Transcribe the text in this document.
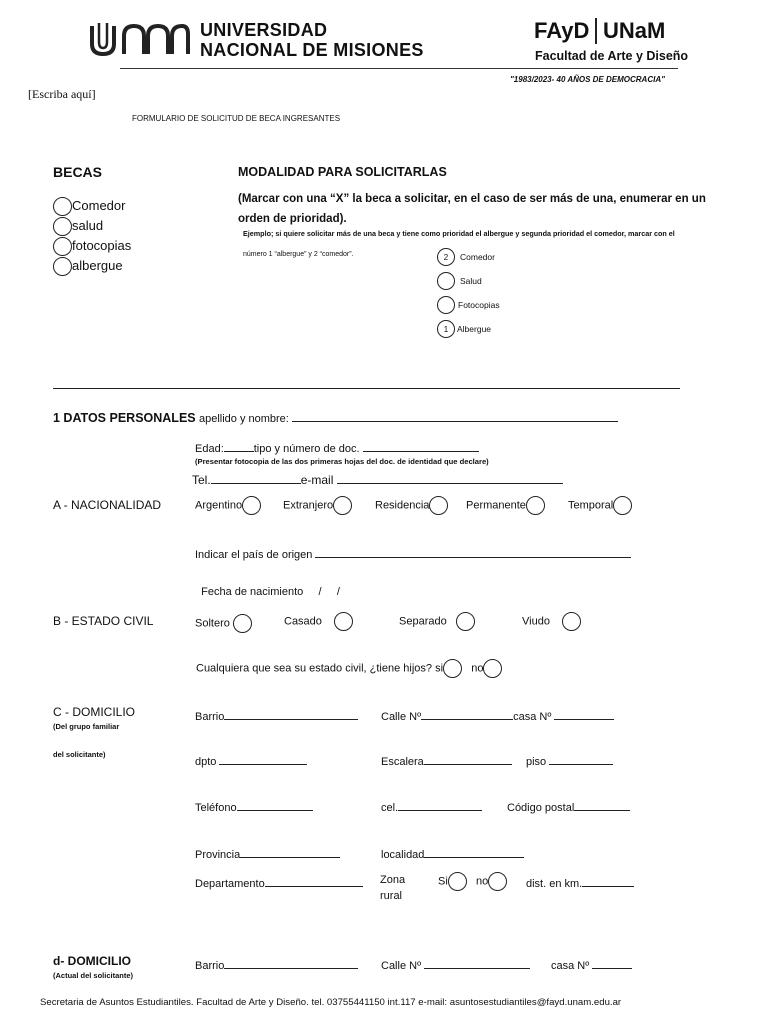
UNIVERSIDAD
NACIONAL DE MISIONES
FAyD UNaM
Facultad de Arte y Diseño
"1983/2023- 40 AÑOS DE DEMOCRACIA"
[Escriba aquí]
FORMULARIO DE SOLICITUD DE BECA INGRESANTES
BECAS
Comedor
salud
fotocopias
albergue
MODALIDAD PARA SOLICITARLAS
(Marcar con una “X” la beca a solicitar, en el caso de ser más de una, enumerar en un
orden de prioridad).
Ejemplo; si quiere solicitar más de una beca y tiene como prioridad el albergue y segunda prioridad el comedor, marcar con el
número 1 “albergue” y 2 “comedor”.	2	Comedor
Salud
Fotocopias
1	Albergue
1 DATOS PERSONALES apellido y nombre:
Edad:	tipo y número de doc.
(Presentar fotocopia de las dos primeras hojas del doc. de identidad que declare)
Tel.	e-mail
A - NACIONALIDAD	Argentino	Extranjero	Residencia	Permanente	Temporal
Indicar el país de origen

Fecha de nacimiento / /

B - ESTADO CIVIL	Soltero	Casado	Separado	Viudo
Cualquiera que sea su estado civil, ¿tiene hijos? si	no
C - DOMICILIO
(Del grupo familiar
del solicitante)
Barrio	Calle Nº	casa Nº
dpto	Escalera	piso
Teléfono	cel.	Código postal
Provincia	localidad
Departamento	Zona
rural
Si	no	dist. en km.
d- DOMICILIO
(Actual del solicitante)
Barrio	Calle Nº	casa Nº
Secretaria de Asuntos Estudiantiles. Facultad de Arte y Diseño. tel. 03755441150 int.117 e-mail: asuntosestudiantiles@fayd.unam.edu.ar
